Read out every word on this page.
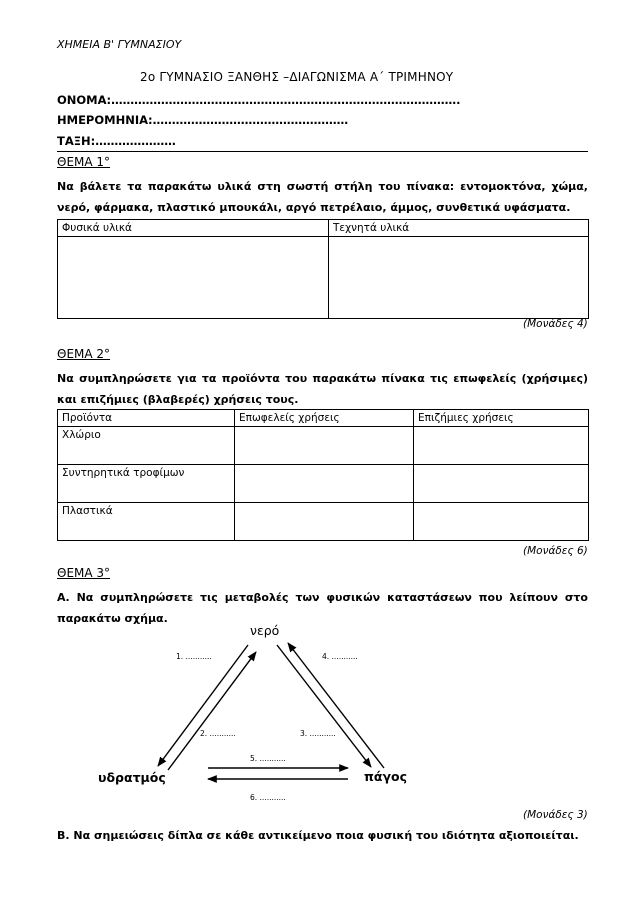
ΧΗΜΕΙΑ Β' ΓΥΜΝΑΣΙΟΥ
2ο ΓΥΜΝΑΣΙΟ ΞΑΝΘΗΣ –ΔΙΑΓΩΝΙΣΜΑ Α΄ ΤΡΙΜΗΝΟΥ
ΟΝΟΜΑ:……………………………………………………………………………….
ΗΜΕΡΟΜΗΝΙΑ:……………………………………………
ΤΑΞΗ:…………………
ΘΕΜΑ 1°
Να βάλετε τα παρακάτω υλικά στη σωστή στήλη του πίνακα: εντομοκτόνα, χώμα, νερό, φάρμακα, πλαστικό μπουκάλι, αργό πετρέλαιο, άμμος, συνθετικά υφάσματα.
Φυσικά υλικά	Τεχνητά υλικά

(Μονάδες 4)
ΘΕΜΑ 2°
Να συμπληρώσετε για τα προϊόντα του παρακάτω πίνακα τις επωφελείς (χρήσιμες) και επιζήμιες (βλαβερές) χρήσεις τους.
Προϊόντα	Επωφελείς χρήσεις	Επιζήμιες χρήσεις
Χλώριο		
Συντηρητικά τροφίμων		
Πλαστικά		
(Μονάδες 6)
ΘΕΜΑ 3°
Α. Να συμπληρώσετε τις μεταβολές των φυσικών καταστάσεων που λείπουν στο παρακάτω σχήμα.
νερό
υδρατμός	πάγος
1. ...........	4. ...........
2. ...........	3. ...........
5. ...........
6. ...........
(Μονάδες 3)
Β. Να σημειώσεις δίπλα σε κάθε αντικείμενο ποια φυσική του ιδιότητα αξιοποιείται.
